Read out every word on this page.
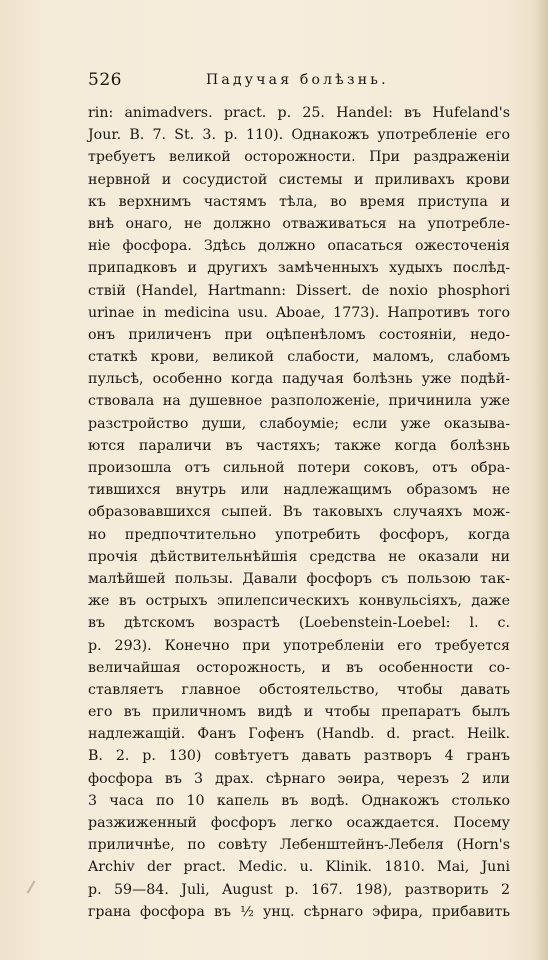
526	Падучая болѣзнь.
rin: animadvers. pract. p. 25. Handel: въ Hufeland's
Jour. B. 7. St. 3. p. 110). Однакожъ употребленіе его
требуетъ великой осторожности. При раздраженіи
нервной и сосудистой системы и приливахъ крови
къ верхнимъ частямъ тѣла, во время приступа и
внѣ онаго, не должно отваживаться на употребле-
ніе фосфора. Здѣсь должно опасаться ожесточенія
припадковъ и другихъ замѣченныхъ худыхъ послѣд-
ствій (Handel, Hartmann: Dissert. de noxio phosphori
urinae in medicina usu. Aboae, 1773). Напротивъ того
онъ приличенъ при оцѣпенѣломъ состояніи, недо-
статкѣ крови, великой слабости, маломъ, слабомъ
пульсѣ, особенно когда падучая болѣзнь уже подѣй-
ствовала на душевное разположеніе, причинила уже
разстройство души, слабоуміе; если уже оказыва-
ются параличи въ частяхъ; также когда болѣзнь
произошла отъ сильной потери соковъ, отъ обра-
тившихся внутрь или надлежащимъ образомъ не
образовавшихся сыпей. Въ таковыхъ случаяхъ мож-
но предпочтительно употребить фосфоръ, когда
прочія дѣйствительнѣйшія средства не оказали ни
малѣйшей пользы. Давали фосфоръ съ пользою так-
же въ острыхъ эпилепсическихъ конвульсіяхъ, даже
въ дѣтскомъ возрастѣ (Loebenstein-Loebel: l. c.
p. 293). Конечно при употребленіи его требуется
величайшая осторожность, и въ особенности со-
ставляетъ главное обстоятельство, чтобы давать
его въ приличномъ видѣ и чтобы препаратъ былъ
надлежащій. Фанъ Гофенъ (Handb. d. pract. Heilk.
B. 2. p. 130) совѣтуетъ давать разтворъ 4 гранъ
фосфора въ 3 драх. сѣрнаго эѳира, черезъ 2 или
3 часа по 10 капель въ водѣ. Однакожъ столько
разжиженный фосфоръ легко осаждается. Посему
приличнѣе, по совѣту Лебенштейнъ-Лебеля (Horn's
Archiv der pract. Medic. u. Klinik. 1810. Mai, Juni
p. 59—84. Juli, August p. 167. 198), разтворить 2
грана фосфора въ ½ унц. сѣрнаго эфира, прибавить
